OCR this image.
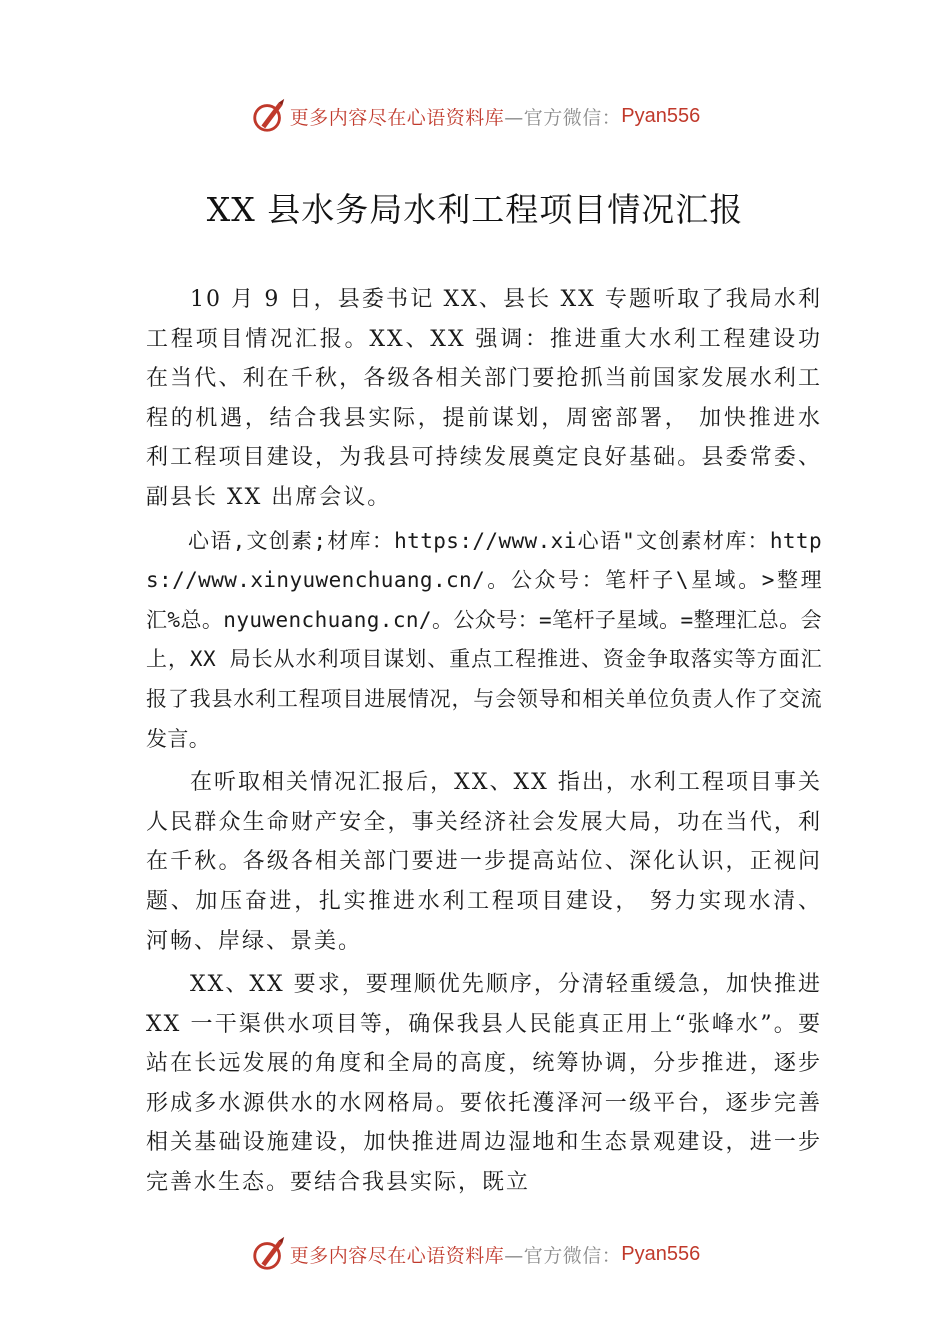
更多内容尽在心语资料库 —官方微信： Pyan556
XX 县水务局水利工程项目情况汇报

10 月 9 日，县委书记 XX、县长 XX 专题听取了我局水利工程项目情况汇报。XX、XX 强调：推进重大水利工程建设功在当代、利在千秋，各级各相关部门要抢抓当前国家发展水利工程的机遇，结合我县实际，提前谋划，周密部署， 加快推进水利工程项目建设，为我县可持续发展奠定良好基础。县委常委、副县长 XX 出席会议。

心语,文创素;材库：https://www.xi心语"文创素材库：https://www.xinyuwenchuang.cn/。公众号：笔杆子\星域。>整理汇%总。nyuwenchuang.cn/。公众号：=笔杆子星域。=整理汇总。会上，XX 局长从水利项目谋划、重点工程推进、资金争取落实等方面汇报了我县水利工程项目进展情况，与会领导和相关单位负责人作了交流发言。

在听取相关情况汇报后，XX、XX 指出，水利工程项目事关人民群众生命财产安全，事关经济社会发展大局，功在当代，利在千秋。各级各相关部门要进一步提高站位、深化认识，正视问题、加压奋进，扎实推进水利工程项目建设， 努力实现水清、河畅、岸绿、景美。

XX、XX 要求，要理顺优先顺序，分清轻重缓急，加快推进 XX 一干渠供水项目等，确保我县人民能真正用上“张峰水”。要站在长远发展的角度和全局的高度，统筹协调，分步推进，逐步形成多水源供水的水网格局。要依托濩泽河一级平台，逐步完善相关基础设施建设，加快推进周边湿地和生态景观建设，进一步完善水生态。要结合我县实际，既立

更多内容尽在心语资料库 —官方微信： Pyan556
